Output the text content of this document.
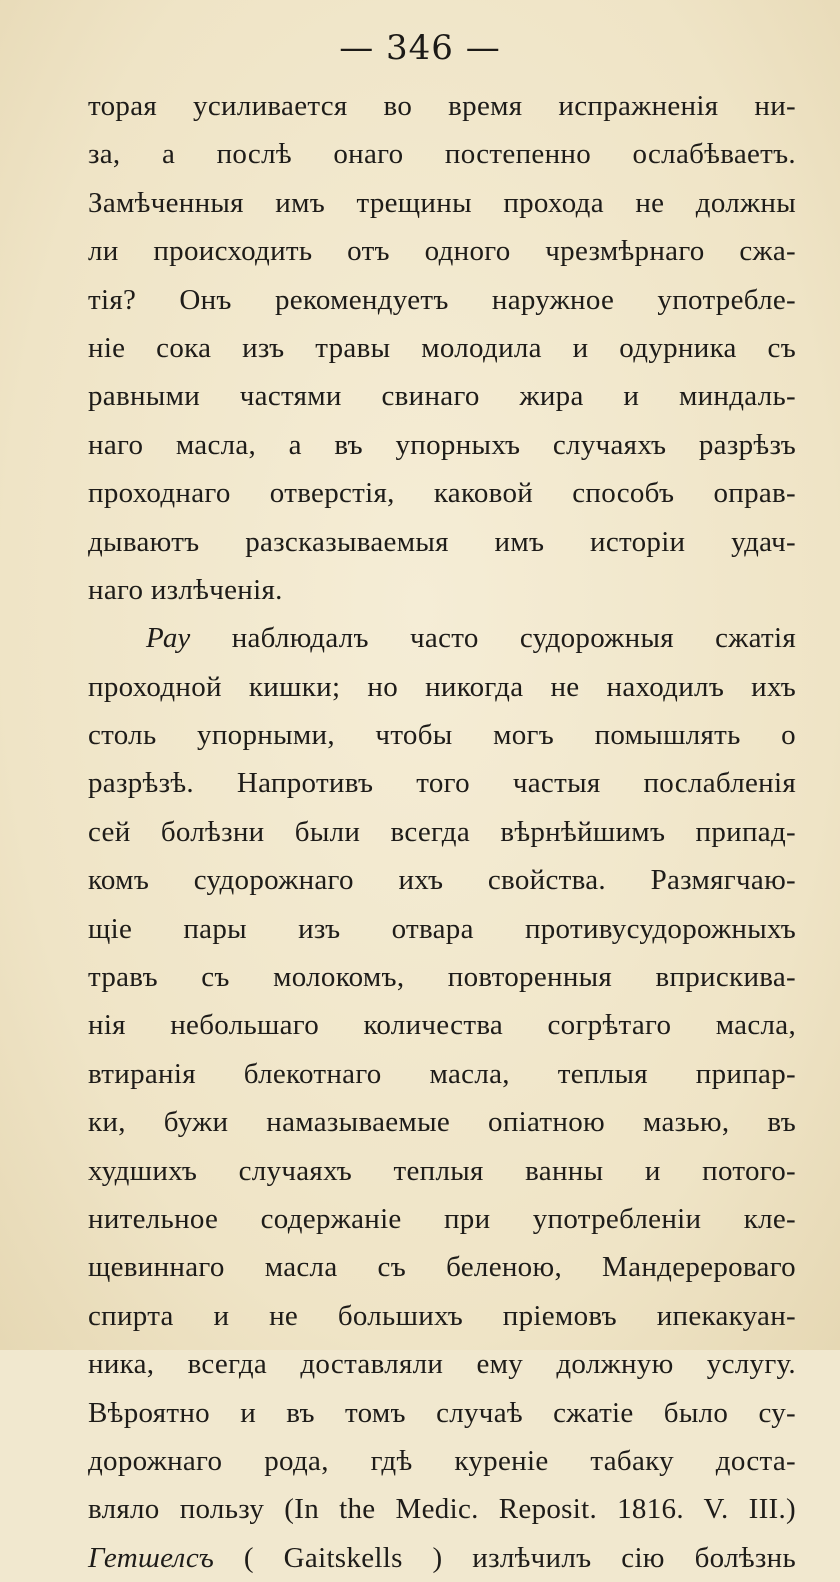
— 346 —
торая усиливается во время испражненія ни-
за, а послѣ онаго постепенно ослабѣваетъ.
Замѣченныя имъ трещины прохода не должны
ли происходить отъ одного чрезмѣрнаго сжа-
тія? Онъ рекомендуетъ наружное употребле-
ніе сока изъ травы молодила и одурника съ
равными частями свинаго жира и миндаль-
наго масла, а въ упорныхъ случаяхъ разрѣзъ
проходнаго отверстія, каковой способъ оправ-
дываютъ разсказываемыя имъ исторіи удач-
наго излѣченія.
Рау наблюдалъ часто судорожныя сжатія
проходной кишки; но никогда не находилъ ихъ
столь упорными, чтобы могъ помышлять о
разрѣзѣ. Напротивъ того частыя послабленія
сей болѣзни были всегда вѣрнѣйшимъ припад-
комъ судорожнаго ихъ свойства. Размягчаю-
щіе пары изъ отвара противусудорожныхъ
травъ съ молокомъ, повторенныя вприскива-
нія небольшаго количества согрѣтаго масла,
втиранія блекотнаго масла, теплыя припар-
ки, бужи намазываемые опіатною мазью, въ
худшихъ случаяхъ теплыя ванны и потого-
нительное содержаніе при употребленіи кле-
щевиннаго масла съ беленою, Мандерероваго
спирта и не большихъ пріемовъ ипекакуан-
ника, всегда доставляли ему должную услугу.
Вѣроятно и въ томъ случаѣ сжатіе было су-
дорожнаго рода, гдѣ куреніе табаку доста-
вляло пользу (In the Medic. Reposit. 1816. V. III.)
Гетшелсъ ( Gaitskells ) излѣчилъ сію болѣзнь
